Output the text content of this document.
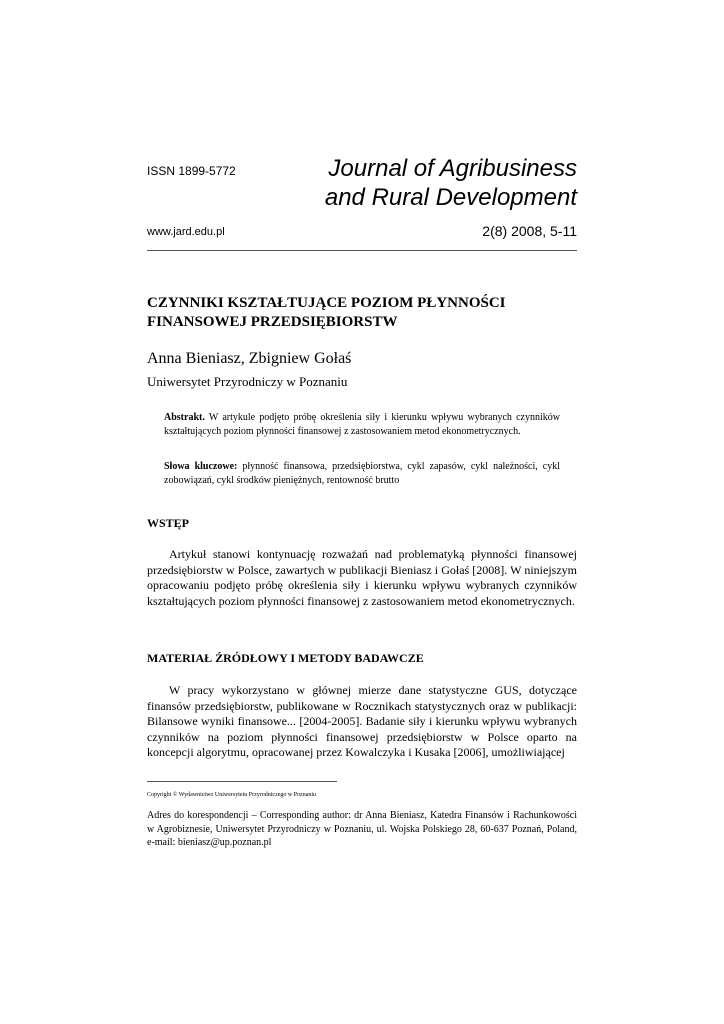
ISSN 1899-5772	Journal of Agribusiness
and Rural Development
www.jard.edu.pl	2(8) 2008, 5-11
CZYNNIKI KSZTAŁTUJĄCE POZIOM PŁYNNOŚCI
FINANSOWEJ PRZEDSIĘBIORSTW
Anna Bieniasz, Zbigniew Gołaś
Uniwersytet Przyrodniczy w Poznaniu
Abstrakt. W artykule podjęto próbę określenia siły i kierunku wpływu wybranych czynników kształtujących poziom płynności finansowej z zastosowaniem metod ekonometrycznych.
Słowa kluczowe: płynność finansowa, przedsiębiorstwa, cykl zapasów, cykl należności, cykl zobowiązań, cykl środków pieniężnych, rentowność brutto
WSTĘP
Artykuł stanowi kontynuację rozważań nad problematyką płynności finansowej przedsiębiorstw w Polsce, zawartych w publikacji Bieniasz i Gołaś [2008]. W niniejszym opracowaniu podjęto próbę określenia siły i kierunku wpływu wybranych czynników kształtujących poziom płynności finansowej z zastosowaniem metod ekonometrycznych.
MATERIAŁ ŹRÓDŁOWY I METODY BADAWCZE
W pracy wykorzystano w głównej mierze dane statystyczne GUS, dotyczące finansów przedsiębiorstw, publikowane w Rocznikach statystycznych oraz w publikacji: Bilansowe wyniki finansowe... [2004-2005]. Badanie siły i kierunku wpływu wybranych czynników na poziom płynności finansowej przedsiębiorstw w Polsce oparto na koncepcji algorytmu, opracowanej przez Kowalczyka i Kusaka [2006], umożliwiającej
Copyright © Wydawnictwo Uniwersytetu Przyrodniczego w Poznaniu
Adres do korespondencji – Corresponding author: dr Anna Bieniasz, Katedra Finansów i Rachunkowości w Agrobiznesie, Uniwersytet Przyrodniczy w Poznaniu, ul. Wojska Polskiego 28, 60-637 Poznań, Poland, e-mail: bieniasz@up.poznan.pl
